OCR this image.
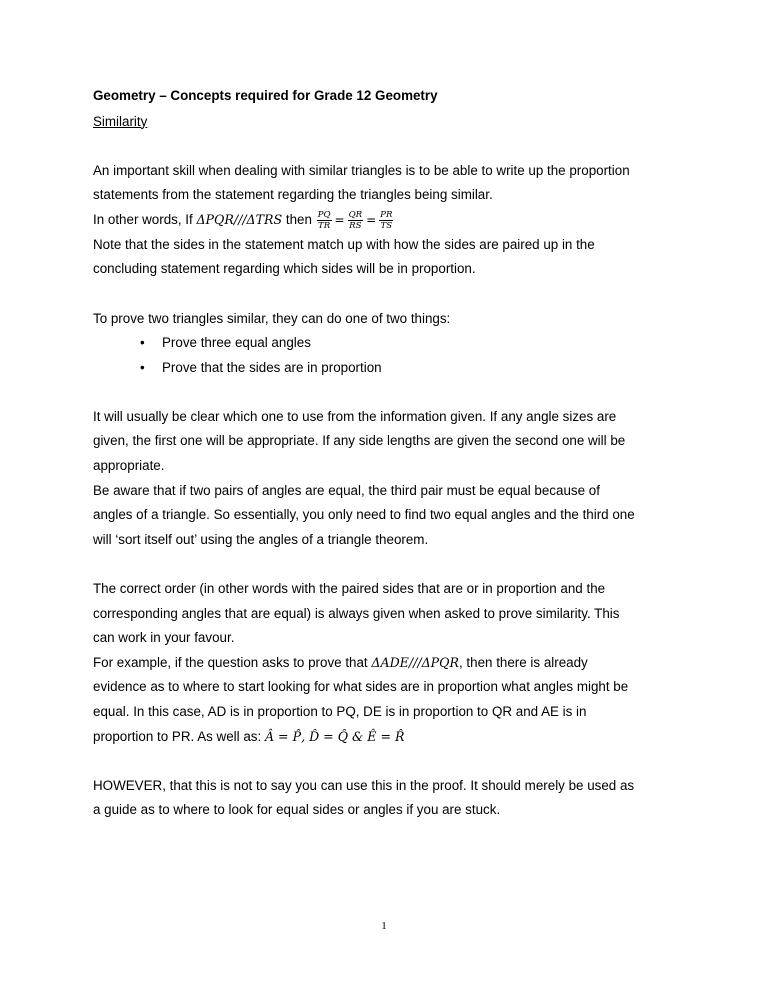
Geometry – Concepts required for Grade 12 Geometry
Similarity
An important skill when dealing with similar triangles is to be able to write up the proportion
statements from the statement regarding the triangles being similar.
In other words, If ΔPQR///ΔTRS then $\frac{PQ}{TR} = \frac{QR}{RS} = \frac{PR}{TS}$
Note that the sides in the statement match up with how the sides are paired up in the
concluding statement regarding which sides will be in proportion.
To prove two triangles similar, they can do one of two things:
• Prove three equal angles
• Prove that the sides are in proportion
It will usually be clear which one to use from the information given. If any angle sizes are
given, the first one will be appropriate. If any side lengths are given the second one will be
appropriate.
Be aware that if two pairs of angles are equal, the third pair must be equal because of
angles of a triangle. So essentially, you only need to find two equal angles and the third one
will ‘sort itself out’ using the angles of a triangle theorem.
The correct order (in other words with the paired sides that are or in proportion and the
corresponding angles that are equal) is always given when asked to prove similarity. This
can work in your favour.
For example, if the question asks to prove that ΔADE///ΔPQR, then there is already
evidence as to where to start looking for what sides are in proportion what angles might be
equal. In this case, AD is in proportion to PQ, DE is in proportion to QR and AE is in
proportion to PR. As well as: Â = P̂, D̂ = Q̂ & Ê = R̂
HOWEVER, that this is not to say you can use this in the proof. It should merely be used as
a guide as to where to look for equal sides or angles if you are stuck.
1
